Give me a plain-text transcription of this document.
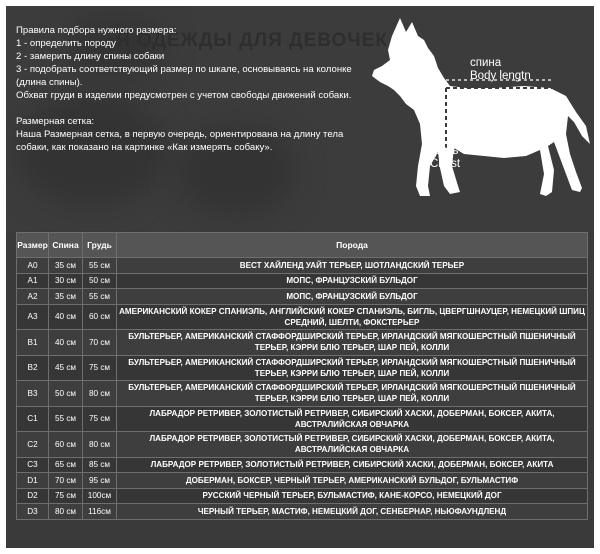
Я ОДЕЖДЫ ДЛЯ ДЕВОЧЕК

Правила подбора нужного размера:

1 - определить породу

2 - замерить длину спины собаки

3 - подобрать соответствующий размер по шкале, основываясь на колонке (длина спины).

Обхват груди в изделии предусмотрен с учетом свободы движений собаки.

Размерная сетка:

Наша Размерная сетка, в первую очередь, ориентирована на длину тела собаки, как показано на картинке «Как измерять собаку».

спина
Body lengtn
грудь
Chest
Размер	Спина	Грудь	Порода
A0	35 см	55 см	ВЕСТ ХАЙЛЕНД УАЙТ ТЕРЬЕР, ШОТЛАНДСКИЙ ТЕРЬЕР
A1	30 см	50 см	МОПС, ФРАНЦУЗСКИЙ БУЛЬДОГ
A2	35 см	55 см	МОПС, ФРАНЦУЗСКИЙ БУЛЬДОГ
A3	40 см	60 см	АМЕРИКАНСКИЙ КОКЕР СПАНИЭЛЬ, АНГЛИЙСКИЙ КОКЕР СПАНИЭЛЬ, БИГЛЬ, ЦВЕРГШНАУЦЕР, НЕМЕЦКИЙ ШПИЦ СРЕДНИЙ, ШЕЛТИ, ФОКСТЕРЬЕР
B1	40 см	70 см	БУЛЬТЕРЬЕР, АМЕРИКАНСКИЙ СТАФФОРДШИРСКИЙ ТЕРЬЕР, ИРЛАНДСКИЙ МЯГКОШЕРСТНЫЙ ПШЕНИЧНЫЙ ТЕРЬЕР, КЭРРИ БЛЮ ТЕРЬЕР, ШАР ПЕЙ, КОЛЛИ
B2	45 см	75 см	БУЛЬТЕРЬЕР, АМЕРИКАНСКИЙ СТАФФОРДШИРСКИЙ ТЕРЬЕР, ИРЛАНДСКИЙ МЯГКОШЕРСТНЫЙ ПШЕНИЧНЫЙ ТЕРЬЕР, КЭРРИ БЛЮ ТЕРЬЕР, ШАР ПЕЙ, КОЛЛИ
B3	50 см	80 см	БУЛЬТЕРЬЕР, АМЕРИКАНСКИЙ СТАФФОРДШИРСКИЙ ТЕРЬЕР, ИРЛАНДСКИЙ МЯГКОШЕРСТНЫЙ ПШЕНИЧНЫЙ ТЕРЬЕР, КЭРРИ БЛЮ ТЕРЬЕР, ШАР ПЕЙ, КОЛЛИ
C1	55 см	75 см	ЛАБРАДОР РЕТРИВЕР, ЗОЛОТИСТЫЙ РЕТРИВЕР, СИБИРСКИЙ ХАСКИ, ДОБЕРМАН, БОКСЕР, АКИТА, АВСТРАЛИЙСКАЯ ОВЧАРКА
C2	60 см	80 см	ЛАБРАДОР РЕТРИВЕР, ЗОЛОТИСТЫЙ РЕТРИВЕР, СИБИРСКИЙ ХАСКИ, ДОБЕРМАН, БОКСЕР, АКИТА, АВСТРАЛИЙСКАЯ ОВЧАРКА
C3	65 см	85 см	ЛАБРАДОР РЕТРИВЕР, ЗОЛОТИСТЫЙ РЕТРИВЕР, СИБИРСКИЙ ХАСКИ, ДОБЕРМАН, БОКСЕР, АКИТА
D1	70 см	95 см	ДОБЕРМАН, БОКСЕР, ЧЕРНЫЙ ТЕРЬЕР, АМЕРИКАНСКИЙ БУЛЬДОГ, БУЛЬМАСТИФ
D2	75 см	100см	РУССКИЙ ЧЕРНЫЙ ТЕРЬЕР, БУЛЬМАСТИФ, КАНЕ-КОРСО, НЕМЕЦКИЙ ДОГ
D3	80 см	116см	ЧЕРНЫЙ ТЕРЬЕР, МАСТИФ, НЕМЕЦКИЙ ДОГ, СЕНБЕРНАР, НЬЮФАУНДЛЕНД
